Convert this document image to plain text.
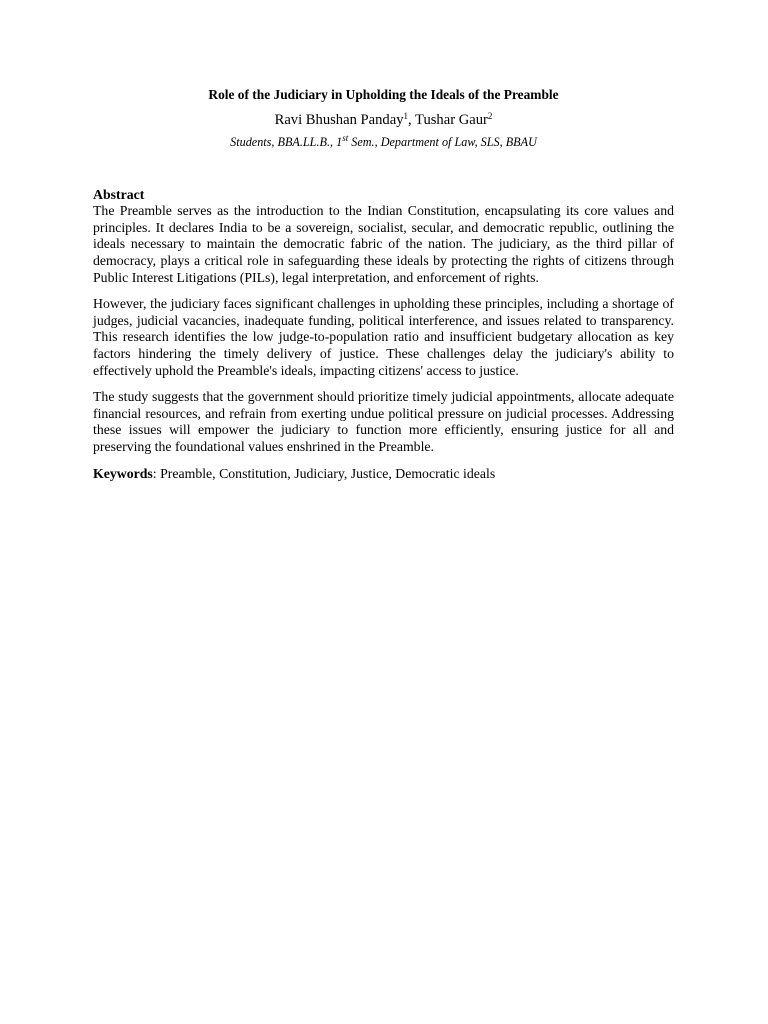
Role of the Judiciary in Upholding the Ideals of the Preamble

Ravi Bhushan Panday$^1$, Tushar Gaur$^2$

Students, BBA.LL.B., 1st Sem., Department of Law, SLS, BBAU

Abstract

The Preamble serves as the introduction to the Indian Constitution, encapsulating its core values and principles. It declares India to be a sovereign, socialist, secular, and democratic republic, outlining the ideals necessary to maintain the democratic fabric of the nation. The judiciary, as the third pillar of democracy, plays a critical role in safeguarding these ideals by protecting the rights of citizens through Public Interest Litigations (PILs), legal interpretation, and enforcement of rights.

However, the judiciary faces significant challenges in upholding these principles, including a shortage of judges, judicial vacancies, inadequate funding, political interference, and issues related to transparency. This research identifies the low judge-to-population ratio and insufficient budgetary allocation as key factors hindering the timely delivery of justice. These challenges delay the judiciary's ability to effectively uphold the Preamble's ideals, impacting citizens' access to justice.

The study suggests that the government should prioritize timely judicial appointments, allocate adequate financial resources, and refrain from exerting undue political pressure on judicial processes. Addressing these issues will empower the judiciary to function more efficiently, ensuring justice for all and preserving the foundational values enshrined in the Preamble.

Keywords: Preamble, Constitution, Judiciary, Justice, Democratic ideals
